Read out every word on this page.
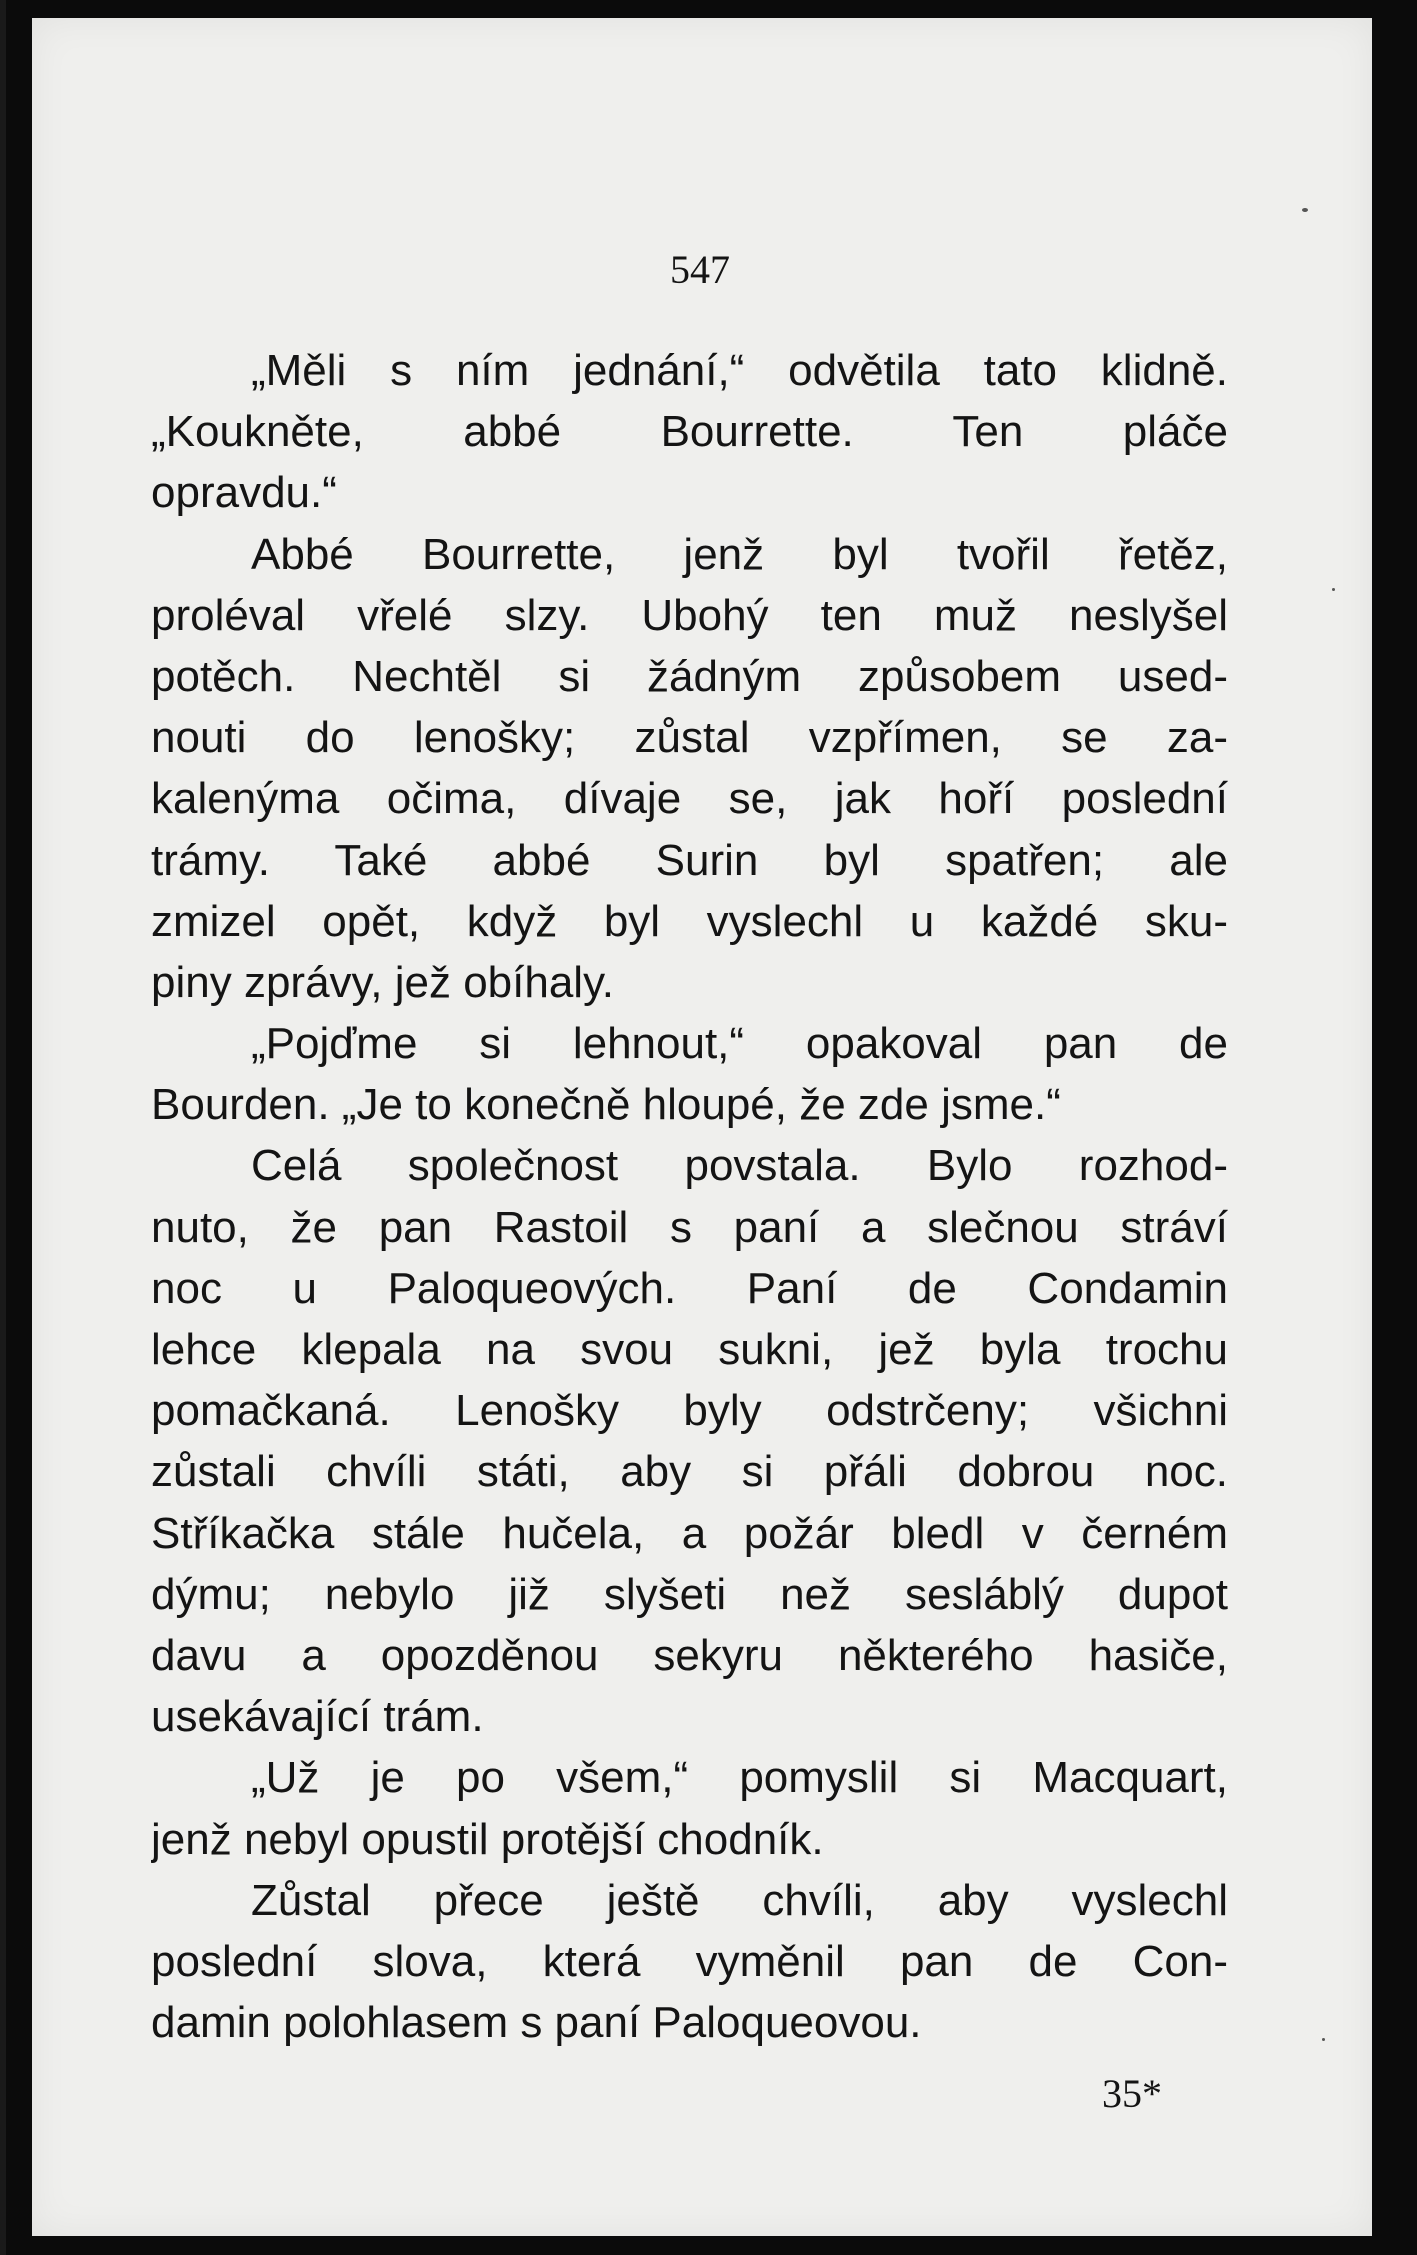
547
„Měli s ním jednání,“ odvětila tato klidně.
„Koukněte, abbé Bourrette. Ten pláče
opravdu.“
Abbé Bourrette, jenž byl tvořil řetěz,
proléval vřelé slzy. Ubohý ten muž neslyšel
potěch. Nechtěl si žádným způsobem used-
nouti do lenošky; zůstal vzpřímen, se za-
kalenýma očima, dívaje se, jak hoří poslední
trámy. Také abbé Surin byl spatřen; ale
zmizel opět, když byl vyslechl u každé sku-
piny zprávy, jež obíhaly.
„Pojďme si lehnout,“ opakoval pan de
Bourden. „Je to konečně hloupé, že zde jsme.“
Celá společnost povstala. Bylo rozhod-
nuto, že pan Rastoil s paní a slečnou stráví
noc u Paloqueových. Paní de Condamin
lehce klepala na svou sukni, jež byla trochu
pomačkaná. Lenošky byly odstrčeny; všichni
zůstali chvíli státi, aby si přáli dobrou noc.
Stříkačka stále hučela, a požár bledl v černém
dýmu; nebylo již slyšeti než sesláblý dupot
davu a opozděnou sekyru některého hasiče,
usekávající trám.
„Už je po všem,“ pomyslil si Macquart,
jenž nebyl opustil protější chodník.
Zůstal přece ještě chvíli, aby vyslechl
poslední slova, která vyměnil pan de Con-
damin polohlasem s paní Paloqueovou.
35*
